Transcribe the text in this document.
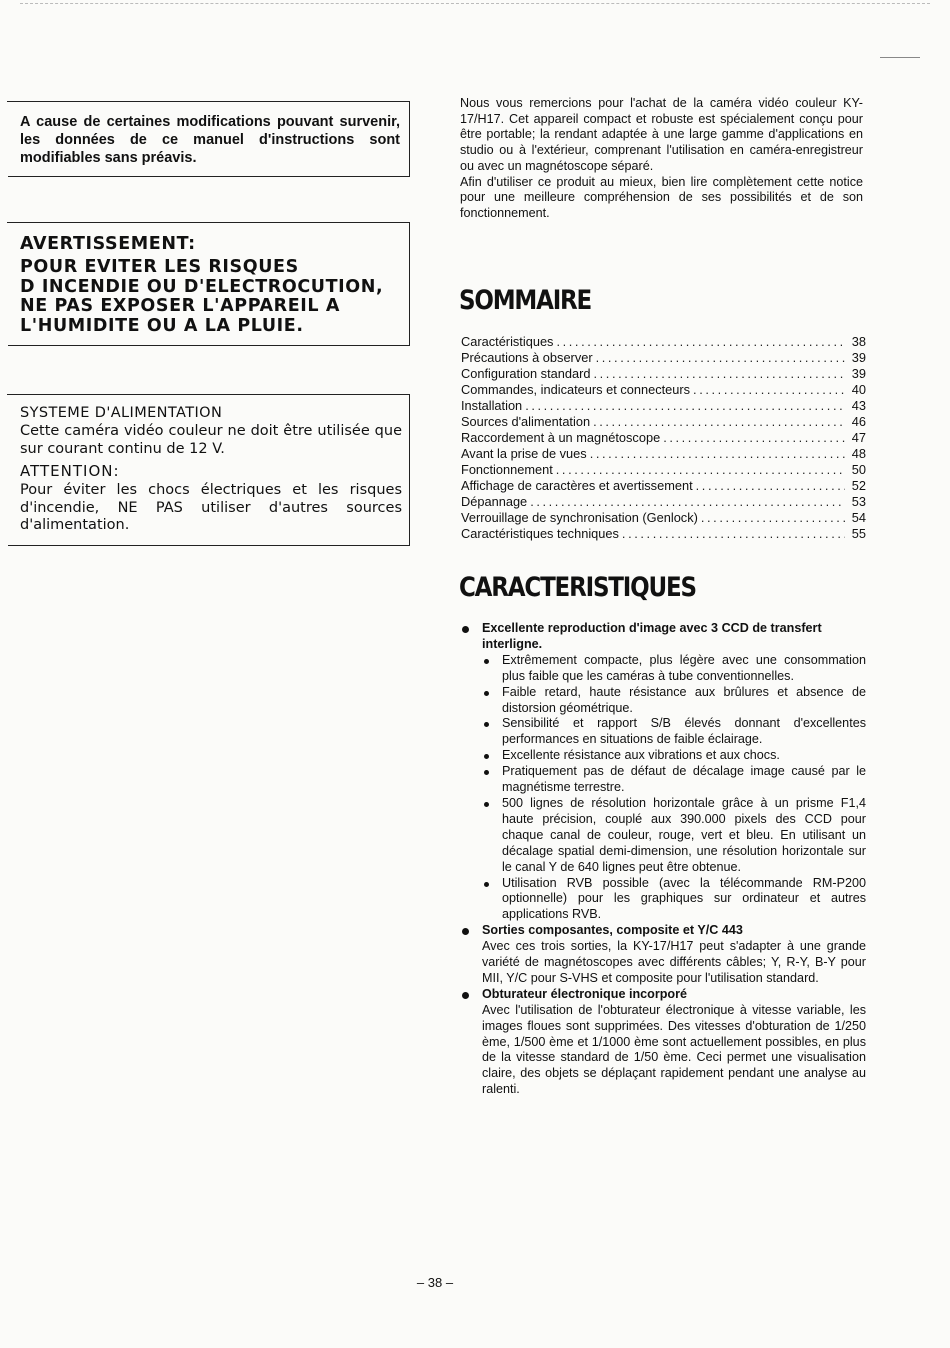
A cause de certaines modifications pouvant survenir, les données de ce manuel d'instructions sont modifiables sans préavis.

AVERTISSEMENT:
POUR EVITER LES RISQUES
D INCENDIE OU D'ELECTROCUTION,
NE PAS EXPOSER L'APPAREIL A
L'HUMIDITE OU A LA PLUIE.
SYSTEME D'ALIMENTATION
Cette caméra vidéo couleur ne doit être utilisée que sur courant continu de 12 V.
ATTENTION:
Pour éviter les chocs électriques et les risques d'incendie, NE PAS utiliser d'autres sources d'alimentation.

Nous vous remercions pour l'achat de la caméra vidéo couleur KY-17/H17. Cet appareil compact et robuste est spécialement conçu pour être portable; la rendant adaptée à une large gamme d'applications en studio ou à l'extérieur, comprenant l'utilisation en caméra-enregistreur ou avec un magnétoscope séparé.

Afin d'utiliser ce produit au mieux, bien lire complètement cette notice pour une meilleure compréhension de ses possibilités et de son fonctionnement.

SOMMAIRE
Caractéristiques .....	38
Précautions à observer .....	39
Configuration standard .....	39
Commandes, indicateurs et connecteurs .....	40
Installation .....	43
Sources d'alimentation .....	46
Raccordement à un magnétoscope .....	47
Avant la prise de vues .....	48
Fonctionnement .....	50
Affichage de caractères et avertissement .....	52
Dépannage .....	53
Verrouillage de synchronisation (Genlock) .....	54
Caractéristiques techniques .....	55
CARACTERISTIQUES
Excellente reproduction d'image avec 3 CCD de transfert interligne.
Extrêmement compacte, plus légère avec une consommation plus faible que les caméras à tube conventionnelles.
Faible retard, haute résistance aux brûlures et absence de distorsion géométrique.
Sensibilité et rapport S/B élevés donnant d'excellentes performances en situations de faible éclairage.
Excellente résistance aux vibrations et aux chocs.
Pratiquement pas de défaut de décalage image causé par le magnétisme terrestre.
500 lignes de résolution horizontale grâce à un prisme F1,4 haute précision, couplé aux 390.000 pixels des CCD pour chaque canal de couleur, rouge, vert et bleu. En utilisant un décalage spatial demi-dimension, une résolution horizontale sur le canal Y de 640 lignes peut être obtenue.
Utilisation RVB possible (avec la télécommande RM-P200 optionnelle) pour les graphiques sur ordinateur et autres applications RVB.
Sorties composantes, composite et Y/C 443
Avec ces trois sorties, la KY-17/H17 peut s'adapter à une grande variété de magnétoscopes avec différents câbles; Y, R-Y, B-Y pour MII, Y/C pour S-VHS et composite pour l'utilisation standard.
Obturateur électronique incorporé
Avec l'utilisation de l'obturateur électronique à vitesse variable, les images floues sont supprimées. Des vitesses d'obturation de 1/250 ème, 1/500 ème et 1/1000 ème sont actuellement possibles, en plus de la vitesse standard de 1/50 ème. Ceci permet une visualisation claire, des objets se déplaçant rapidement pendant une analyse au ralenti.
– 38 –
